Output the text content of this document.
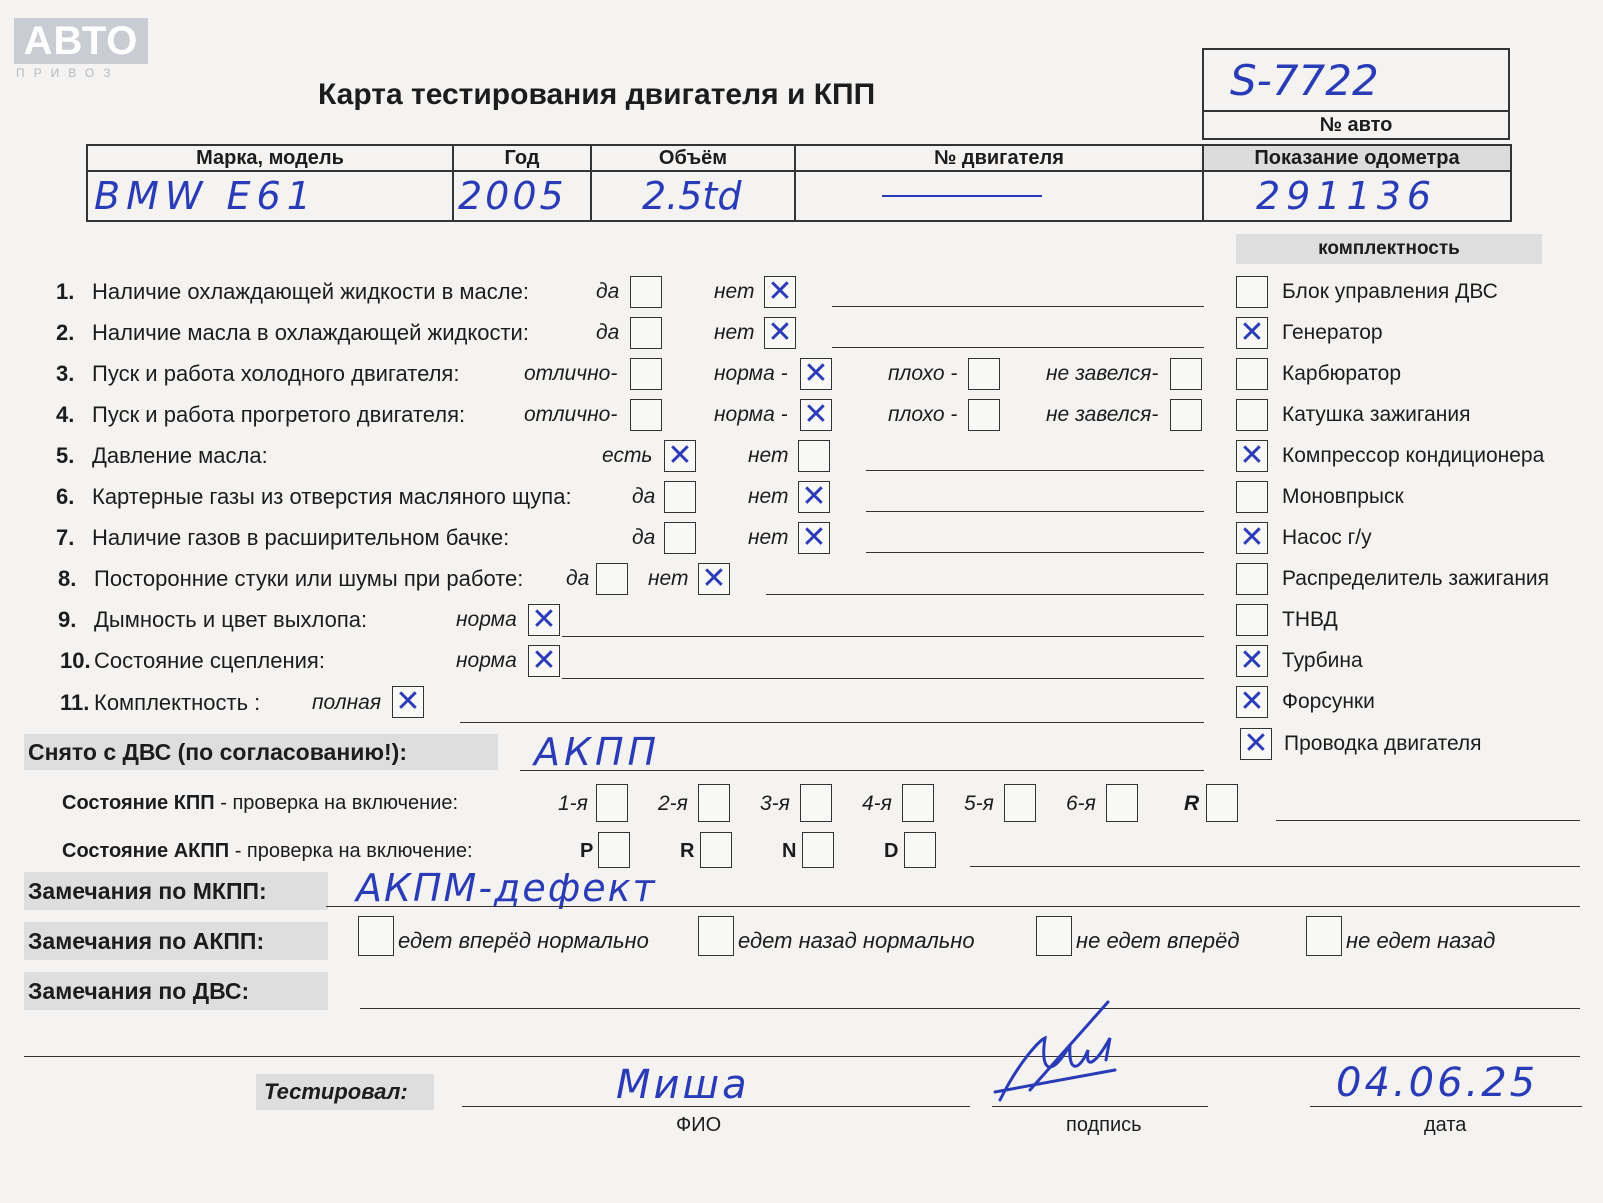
АВТО
ПРИВОЗ
Карта тестирования двигателя и КПП	S-7722
№ авто
Марка, модель	Год	Объём	№ двигателя	Показание одометра

BMW E61	2005	2.5td		291136
комплектность
1. Наличие охлаждающей жидкости в масле:	да	нет ✕
2. Наличие масла в охлаждающей жидкости:	да	нет ✕
3. Пуск и работа холодного двигателя:	отлично-	норма - ✕	плохо -	не завелся-
4. Пуск и работа прогретого двигателя:	отлично-	норма - ✕	плохо -	не завелся-
5. Давление масла:	есть ✕	нет
6. Картерные газы из отверстия масляного щупа:	да	нет ✕
7. Наличие газов в расширительном бачке:	да	нет ✕
8. Посторонние стуки или шумы при работе: да	нет ✕
9. Дымность и цвет выхлопа:	норма ✕
10. Состояние сцепления:	норма ✕
11. Комплектность : полная ✕
Блок управления ДВС
✕ Генератор
Карбюратор
Катушка зажигания
✕ Компрессор кондиционера
Моновпрыск
✕ Насос г/у
Распределитель зажигания
ТНВД
✕ Турбина
✕ Форсунки
✕ Проводка двигателя
Снято с ДВС (по согласованию!):	АКПП
Состояние КПП - проверка на включение:	1-я	2-я	3-я	4-я	5-я	6-я	R
Состояние АКПП - проверка на включение:	P	R	N	D
Замечания по МКПП:	АКПМ-дефект
Замечания по АКПП:	едет вперёд нормально	едет назад нормально	не едет вперёд	не едет назад
Замечания по ДВС:
Тестировал:	Миша
ФИО	подпись
04.06.25
дата
